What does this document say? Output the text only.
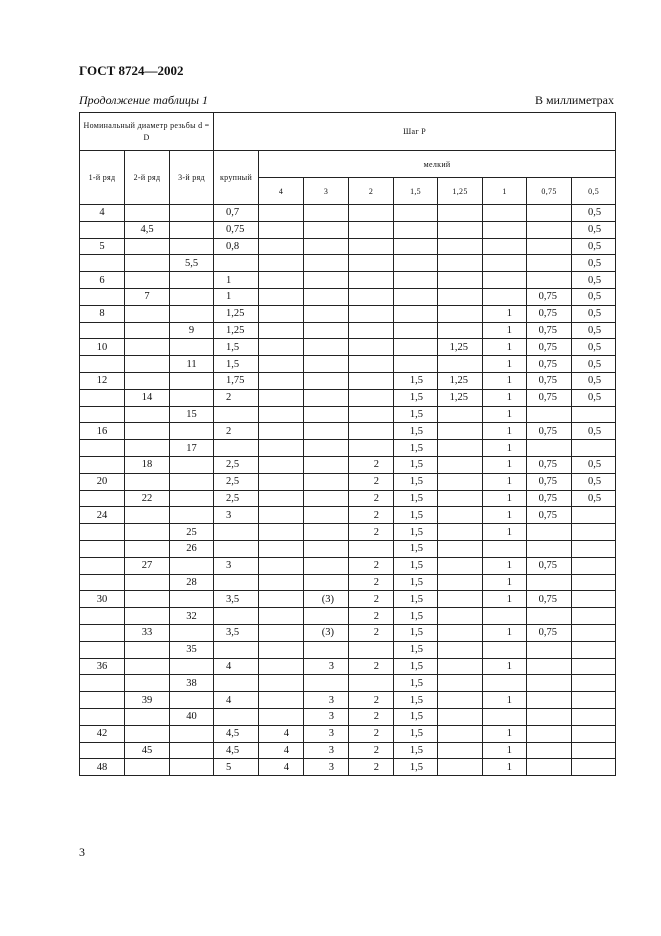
ГОСТ 8724—2002
Продолжение таблицы 1	В миллиметрах
Номинальный диаметр резьбы d = D			Шаг P								
1-й ряд	2-й ряд	3-й ряд	крупный	мелкий							
				4	3	2	1,5	1,25	1	0,75	0,5
4			0,7								0,5
	4,5		0,75								0,5
5			0,8								0,5
		5,5									0,5
6			1								0,5
	7		1							0,75	0,5
8			1,25						1	0,75	0,5
		9	1,25						1	0,75	0,5
10			1,5					1,25	1	0,75	0,5
		11	1,5						1	0,75	0,5
12			1,75				1,5	1,25	1	0,75	0,5
	14		2				1,5	1,25	1	0,75	0,5
		15					1,5		1		
16			2				1,5		1	0,75	0,5
		17					1,5		1		
	18		2,5			2	1,5		1	0,75	0,5
20			2,5			2	1,5		1	0,75	0,5
	22		2,5			2	1,5		1	0,75	0,5
24			3			2	1,5		1	0,75	
		25				2	1,5		1		
		26					1,5				
	27		3			2	1,5		1	0,75	
		28				2	1,5		1		
30			3,5		(3)	2	1,5		1	0,75	
		32				2	1,5				
	33		3,5		(3)	2	1,5		1	0,75	
		35					1,5				
36			4		3	2	1,5		1		
		38					1,5				
	39		4		3	2	1,5		1		
		40			3	2	1,5				
42			4,5	4	3	2	1,5		1		
	45		4,5	4	3	2	1,5		1		
48			5	4	3	2	1,5		1		
3
